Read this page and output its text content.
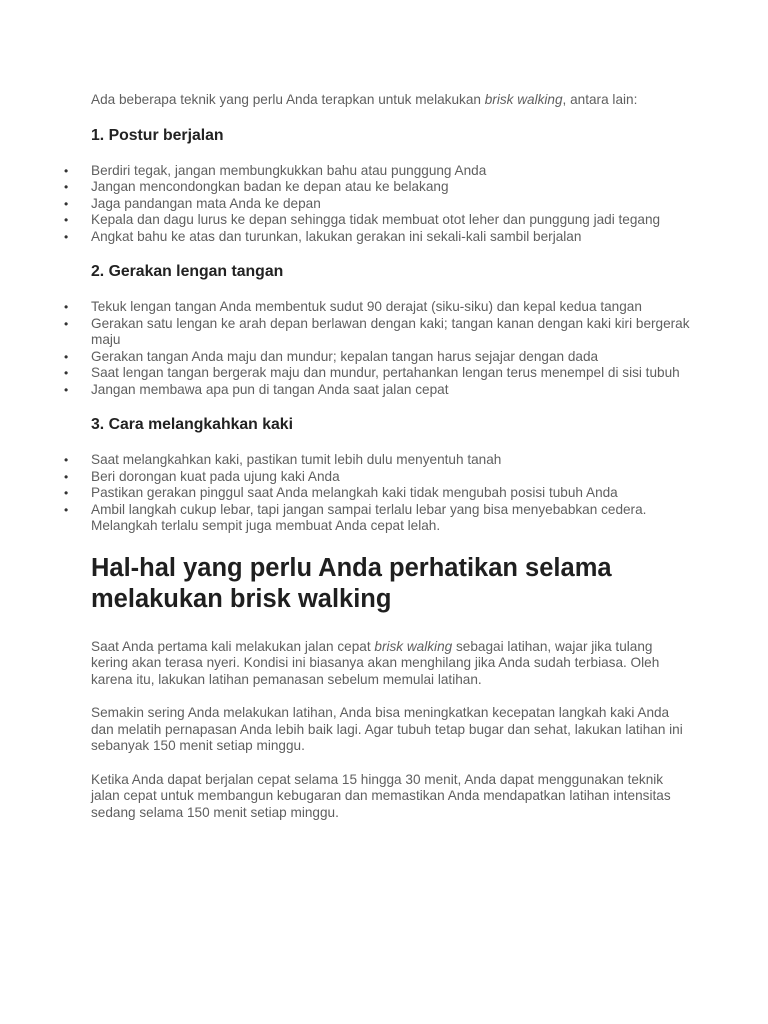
Ada beberapa teknik yang perlu Anda terapkan untuk melakukan brisk walking, antara lain:

1. Postur berjalan
• Berdiri tegak, jangan membungkukkan bahu atau punggung Anda
• Jangan mencondongkan badan ke depan atau ke belakang
• Jaga pandangan mata Anda ke depan
• Kepala dan dagu lurus ke depan sehingga tidak membuat otot leher dan punggung jadi tegang
• Angkat bahu ke atas dan turunkan, lakukan gerakan ini sekali-kali sambil berjalan
2. Gerakan lengan tangan
• Tekuk lengan tangan Anda membentuk sudut 90 derajat (siku-siku) dan kepal kedua tangan
• Gerakan satu lengan ke arah depan berlawan dengan kaki; tangan kanan dengan kaki kiri bergerak maju
• Gerakan tangan Anda maju dan mundur; kepalan tangan harus sejajar dengan dada
• Saat lengan tangan bergerak maju dan mundur, pertahankan lengan terus menempel di sisi tubuh
• Jangan membawa apa pun di tangan Anda saat jalan cepat
3. Cara melangkahkan kaki
• Saat melangkahkan kaki, pastikan tumit lebih dulu menyentuh tanah
• Beri dorongan kuat pada ujung kaki Anda
• Pastikan gerakan pinggul saat Anda melangkah kaki tidak mengubah posisi tubuh Anda
• Ambil langkah cukup lebar, tapi jangan sampai terlalu lebar yang bisa menyebabkan cedera. Melangkah terlalu sempit juga membuat Anda cepat lelah.
Hal-hal yang perlu Anda perhatikan selama melakukan brisk walking

Saat Anda pertama kali melakukan jalan cepat brisk walking sebagai latihan, wajar jika tulang kering akan terasa nyeri. Kondisi ini biasanya akan menghilang jika Anda sudah terbiasa. Oleh karena itu, lakukan latihan pemanasan sebelum memulai latihan.

Semakin sering Anda melakukan latihan, Anda bisa meningkatkan kecepatan langkah kaki Anda dan melatih pernapasan Anda lebih baik lagi. Agar tubuh tetap bugar dan sehat, lakukan latihan ini sebanyak 150 menit setiap minggu.

Ketika Anda dapat berjalan cepat selama 15 hingga 30 menit, Anda dapat menggunakan teknik jalan cepat untuk membangun kebugaran dan memastikan Anda mendapatkan latihan intensitas sedang selama 150 menit setiap minggu.
